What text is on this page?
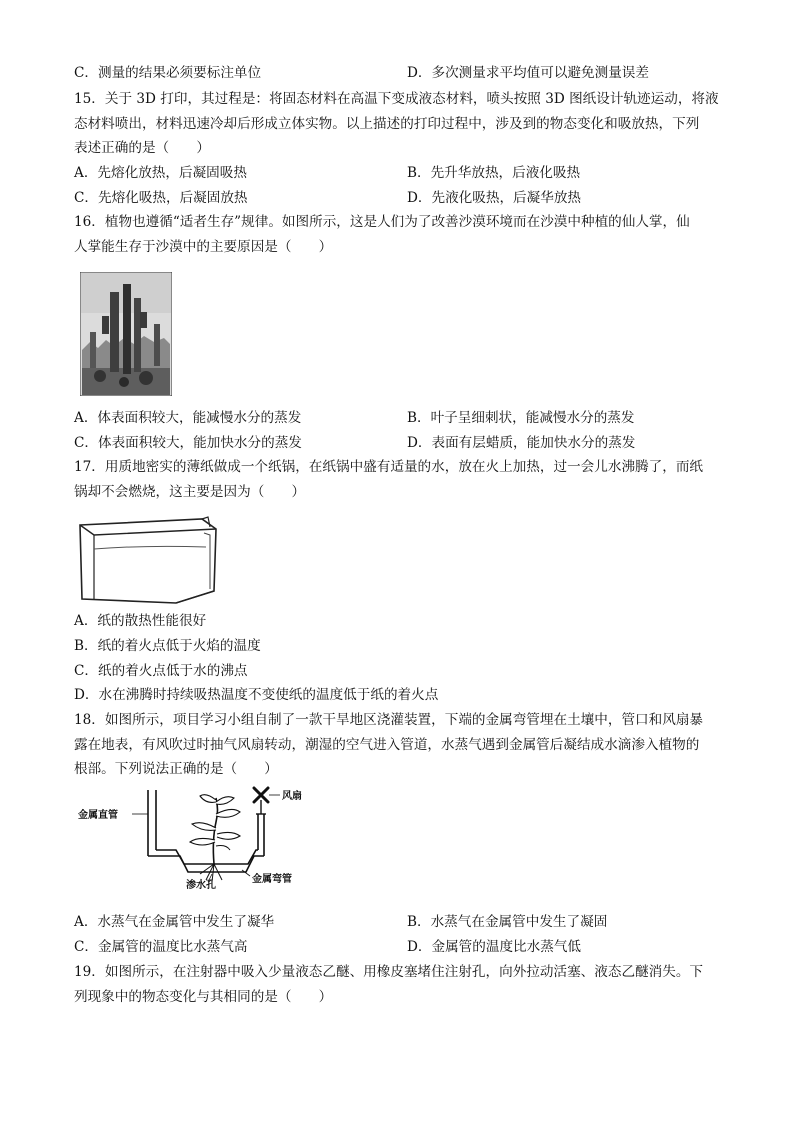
C．测量的结果必须要标注单位	D．多次测量求平均值可以避免测量误差
15．关于 3D 打印，其过程是：将固态材料在高温下变成液态材料，喷头按照 3D 图纸设计轨迹运动，将液
态材料喷出，材料迅速冷却后形成立体实物。以上描述的打印过程中，涉及到的物态变化和吸放热，下列
表述正确的是（　　）
A．先熔化放热，后凝固吸热	B．先升华放热，后液化吸热
C．先熔化吸热，后凝固放热	D．先液化吸热，后凝华放热
16．植物也遵循“适者生存”规律。如图所示，这是人们为了改善沙漠环境而在沙漠中种植的仙人掌，仙
人掌能生存于沙漠中的主要原因是（　　）
A．体表面积较大，能减慢水分的蒸发	B．叶子呈细刺状，能减慢水分的蒸发
C．体表面积较大，能加快水分的蒸发	D．表面有层蜡质，能加快水分的蒸发
17．用质地密实的薄纸做成一个纸锅，在纸锅中盛有适量的水，放在火上加热，过一会儿水沸腾了，而纸
锅却不会燃烧，这主要是因为（　　）
A．纸的散热性能很好
B．纸的着火点低于火焰的温度
C．纸的着火点低于水的沸点
D．水在沸腾时持续吸热温度不变使纸的温度低于纸的着火点
18．如图所示，项目学习小组自制了一款干旱地区浇灌装置，下端的金属弯管埋在土壤中，管口和风扇暴
露在地表，有风吹过时抽气风扇转动，潮湿的空气进入管道，水蒸气遇到金属管后凝结成水滴渗入植物的
根部。下列说法正确的是（　　）
金属直管
风扇
金属弯管
渗水孔
A．水蒸气在金属管中发生了凝华	B．水蒸气在金属管中发生了凝固
C．金属管的温度比水蒸气高	D．金属管的温度比水蒸气低
19．如图所示，在注射器中吸入少量液态乙醚、用橡皮塞堵住注射孔，向外拉动活塞、液态乙醚消失。下
列现象中的物态变化与其相同的是（　　）
